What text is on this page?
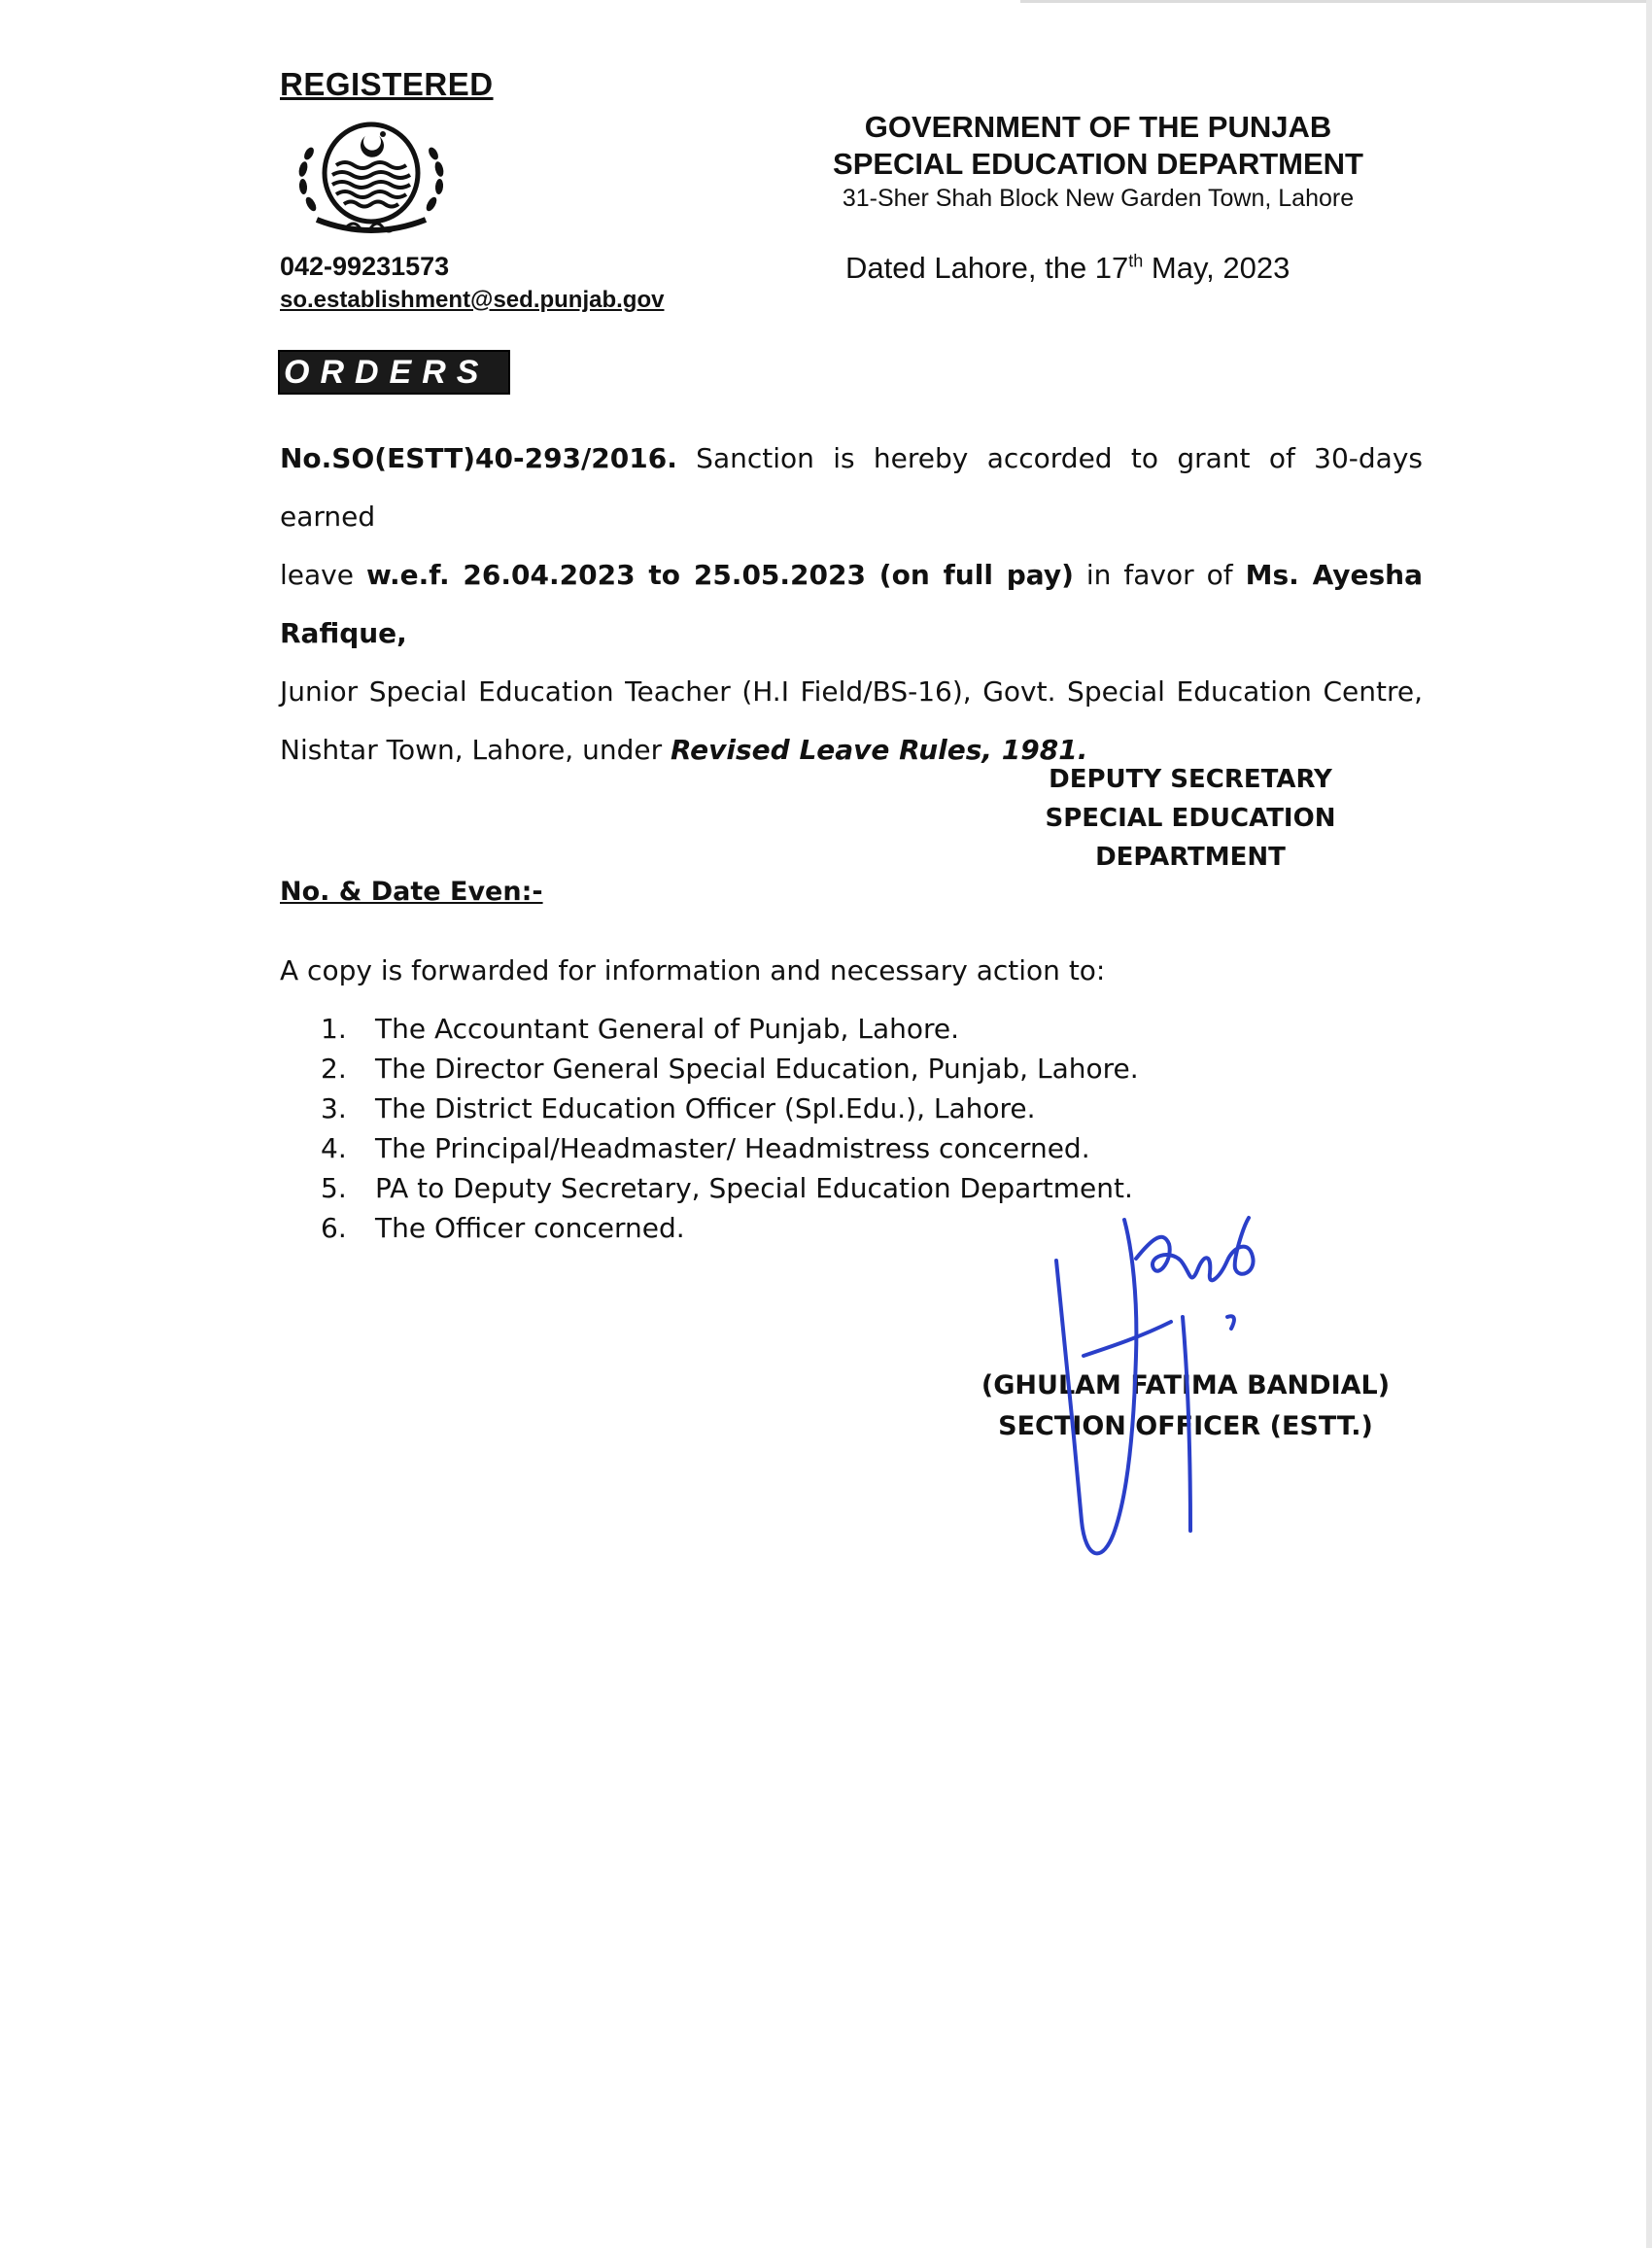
REGISTERED
042-99231573
so.establishment@sed.punjab.gov
GOVERNMENT OF THE PUNJAB
SPECIAL EDUCATION DEPARTMENT
31-Sher Shah Block New Garden Town, Lahore
Dated Lahore, the 17th May, 2023
ORDERS
No.SO(ESTT)40-293/2016. Sanction is hereby accorded to grant of 30-days earned
leave w.e.f. 26.04.2023 to 25.05.2023 (on full pay) in favor of Ms. Ayesha Rafique,
Junior Special Education Teacher (H.I Field/BS-16), Govt. Special Education Centre,
Nishtar Town, Lahore, under Revised Leave Rules, 1981.
DEPUTY SECRETARY
SPECIAL EDUCATION
DEPARTMENT
No. & Date Even:-
A copy is forwarded for information and necessary action to:
1. The Accountant General of Punjab, Lahore.
2. The Director General Special Education, Punjab, Lahore.
3. The District Education Officer (Spl.Edu.), Lahore.
4. The Principal/Headmaster/ Headmistress concerned.
5. PA to Deputy Secretary, Special Education Department.
6. The Officer concerned.
(GHULAM FATIMA BANDIAL)
SECTION OFFICER (ESTT.)
